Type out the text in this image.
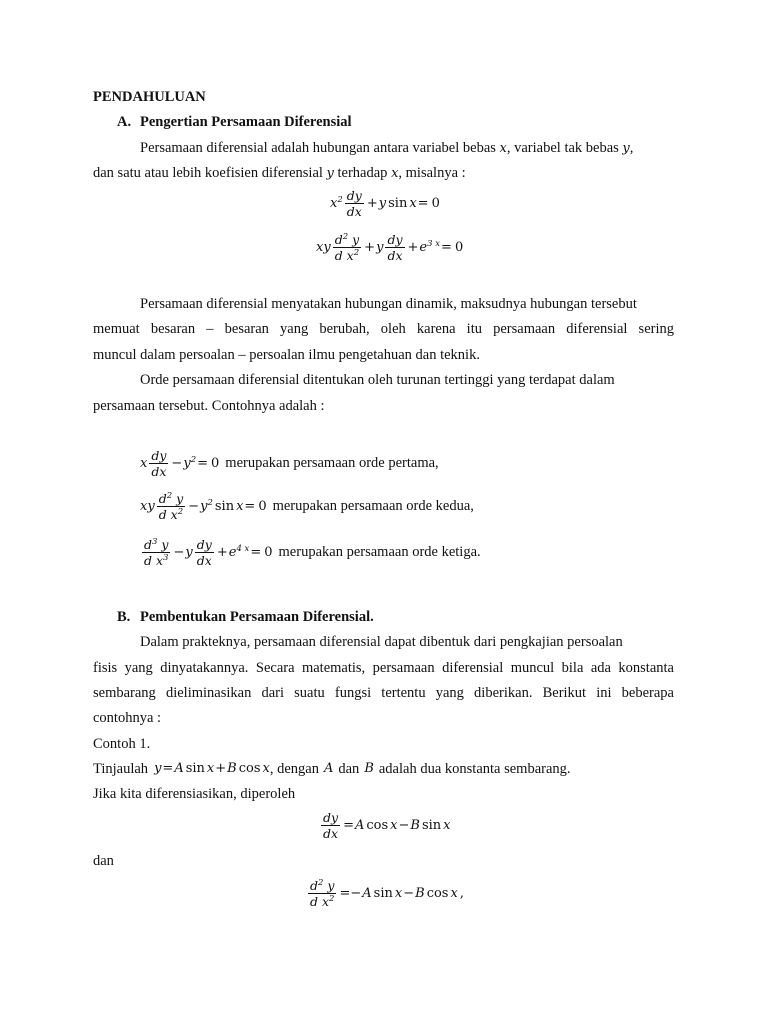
PENDAHULUAN
A. Pengertian Persamaan Diferensial
Persamaan diferensial adalah hubungan antara variabel bebas x, variabel tak bebas y,
dan satu atau lebih koefisien diferensial y terhadap x, misalnya :
$x^2 \frac{dy}{dx} + y$ sin x = 0
xy $\frac{d^2 y}{d x^2} + y \frac{dy}{dx} + e^{3 x} = 0$
Persamaan diferensial menyatakan hubungan dinamik, maksudnya hubungan tersebut
memuat besaran – besaran yang berubah, oleh karena itu persamaan diferensial sering
muncul dalam persoalan – persoalan ilmu pengetahuan dan teknik.
Orde persamaan diferensial ditentukan oleh turunan tertinggi yang terdapat dalam
persamaan tersebut. Contohnya adalah :
x $\frac{dy}{dx} - y^2 = 0$ merupakan persamaan orde pertama,
xy $\frac{d^2 y}{d x^2} - y^2$ sin x = 0 merupakan persamaan orde kedua,
$\frac{d^3 y}{d x^3} - y \frac{dy}{dx} + e^{4 x} = 0$ merupakan persamaan orde ketiga.
B. Pembentukan Persamaan Diferensial.
Dalam prakteknya, persamaan diferensial dapat dibentuk dari pengkajian persoalan
fisis yang dinyatakannya. Secara matematis, persamaan diferensial muncul bila ada konstanta
sembarang dieliminasikan dari suatu fungsi tertentu yang diberikan. Berikut ini beberapa
contohnya :
Contoh 1.
Tinjaulah y = A sin x + B cos x , dengan A dan B adalah dua konstanta sembarang.
Jika kita diferensiasikan, diperoleh
$\frac{dy}{dx} = A$ cos x − B sin x
dan
$\frac{d^2 y}{d x^2} =- A$ sin x − B cos x ,
